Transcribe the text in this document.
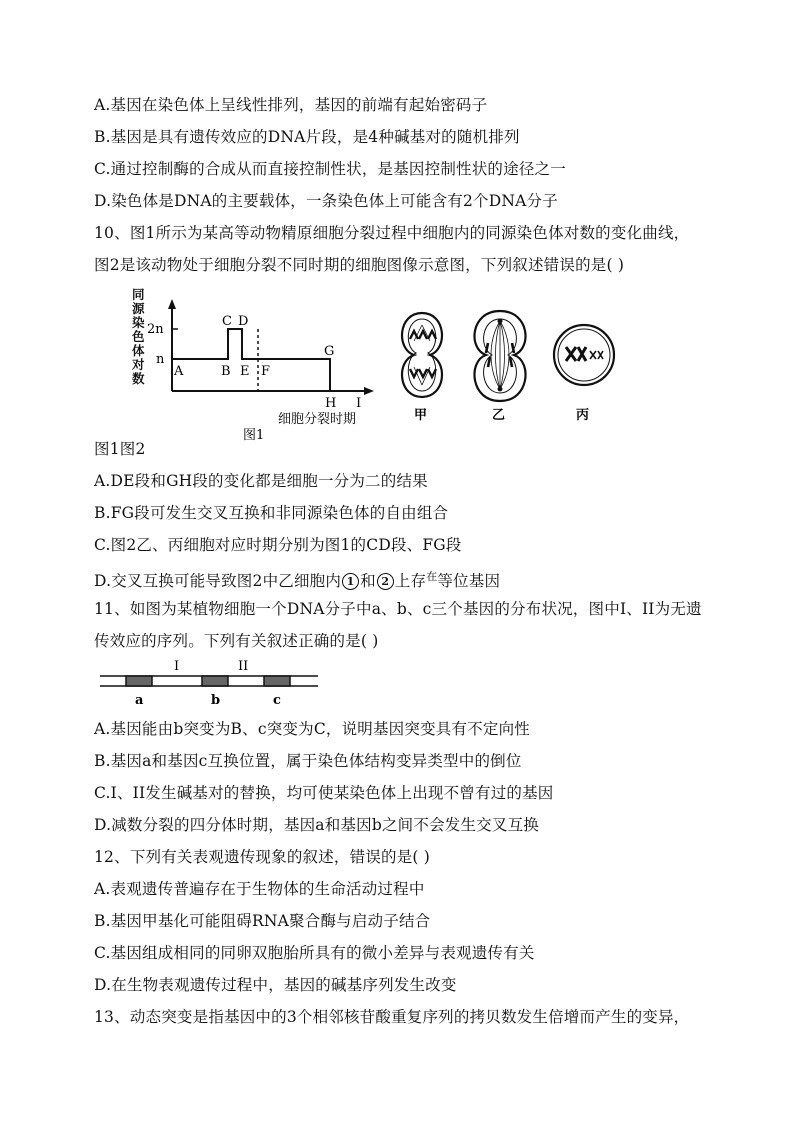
A.基因在染色体上呈线性排列，基因的前端有起始密码子
B.基因是具有遗传效应的DNA片段，是4种碱基对的随机排列
C.通过控制酶的合成从而直接控制性状，是基因控制性状的途径之一
D.染色体是DNA的主要载体，一条染色体上可能含有2个DNA分子
10、图1所示为某高等动物精原细胞分裂过程中细胞内的同源染色体对数的变化曲线，
图2是该动物处于细胞分裂不同时期的细胞图像示意图，下列叙述错误的是( )
同
源
染
色
体
对
数
2n
n
A	B
C D
E F
G
H I
细胞分裂时期
图1
甲	乙	丙
图1图2
A.DE段和GH段的变化都是细胞一分为二的结果
B.FG段可发生交叉互换和非同源染色体的自由组合
C.图2乙、丙细胞对应时期分别为图1的CD段、FG段
D.交叉互换可能导致图2中乙细胞内 1 和 2 上存$^在$等位基因
11、如图为某植物细胞一个DNA分子中a、b、c三个基因的分布状况，图中I、II为无遗
传效应的序列。下列有关叙述正确的是( )
I	II
a	b	c
A.基因能由b突变为B、c突变为C，说明基因突变具有不定向性
B.基因a和基因c互换位置，属于染色体结构变异类型中的倒位
C.I、II发生碱基对的替换，均可使某染色体上出现不曾有过的基因
D.减数分裂的四分体时期，基因a和基因b之间不会发生交叉互换
12、下列有关表观遗传现象的叙述，错误的是( )
A.表观遗传普遍存在于生物体的生命活动过程中
B.基因甲基化可能阻碍RNA聚合酶与启动子结合
C.基因组成相同的同卵双胞胎所具有的微小差异与表观遗传有关
D.在生物表观遗传过程中，基因的碱基序列发生改变
13、动态突变是指基因中的3个相邻核苷酸重复序列的拷贝数发生倍增而产生的变异，
